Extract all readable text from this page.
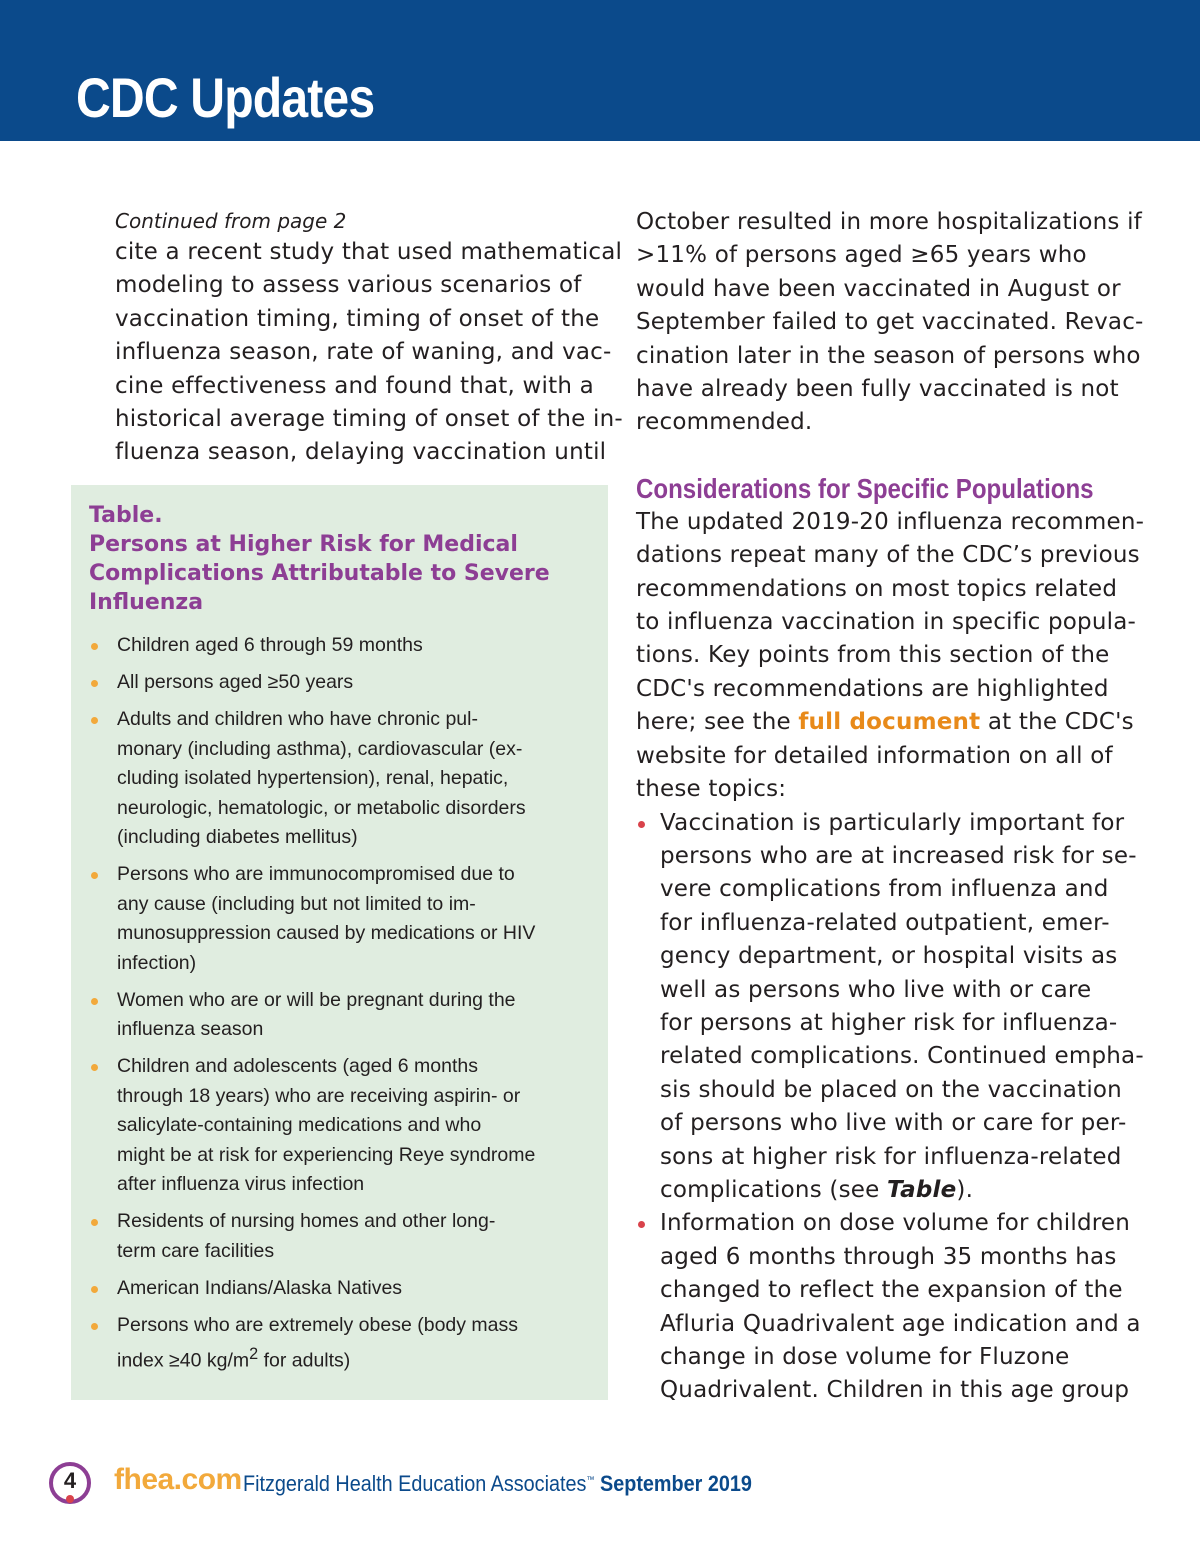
CDC Updates

Continued from page 2

cite a recent study that used mathematical
modeling to assess various scenarios of
vaccination timing, timing of onset of the
influenza season, rate of waning, and vac-
cine effectiveness and found that, with a
historical average timing of onset of the in-
fluenza season, delaying vaccination until

Table.
Persons at Higher Risk for Medical
Complications Attributable to Severe
Influenza
Children aged 6 through 59 months
All persons aged ≥50 years
Adults and children who have chronic pul-
monary (including asthma), cardiovascular (ex-
cluding isolated hypertension), renal, hepatic,
neurologic, hematologic, or metabolic disorders
(including diabetes mellitus)
Persons who are immunocompromised due to
any cause (including but not limited to im-
munosuppression caused by medications or HIV
infection)
Women who are or will be pregnant during the
influenza season
Children and adolescents (aged 6 months
through 18 years) who are receiving aspirin- or
salicylate-containing medications and who
might be at risk for experiencing Reye syndrome
after influenza virus infection
Residents of nursing homes and other long-
term care facilities
American Indians/Alaska Natives
Persons who are extremely obese (body mass
index ≥40 $kg/m^2$ for adults)

October resulted in more hospitalizations if
>11% of persons aged ≥65 years who
would have been vaccinated in August or
September failed to get vaccinated. Revac-
cination later in the season of persons who
have already been fully vaccinated is not
recommended.

Considerations for Specific Populations

The updated 2019-20 influenza recommen-
dations repeat many of the CDC’s previous
recommendations on most topics related
to influenza vaccination in specific popula-
tions. Key points from this section of the
CDC's recommendations are highlighted
here; see the full document at the CDC's
website for detailed information on all of
these topics:

Vaccination is particularly important for
persons who are at increased risk for se-
vere complications from influenza and
for influenza-related outpatient, emer-
gency department, or hospital visits as
well as persons who live with or care
for persons at higher risk for influenza-
related complications. Continued empha-
sis should be placed on the vaccination
of persons who live with or care for per-
sons at higher risk for influenza-related
complications (see Table).
Information on dose volume for children
aged 6 months through 35 months has
changed to reflect the expansion of the
Afluria Quadrivalent age indication and a
change in dose volume for Fluzone
Quadrivalent. Children in this age group
4	fhea.com Fitzgerald Health Education Associates™ September 2019
